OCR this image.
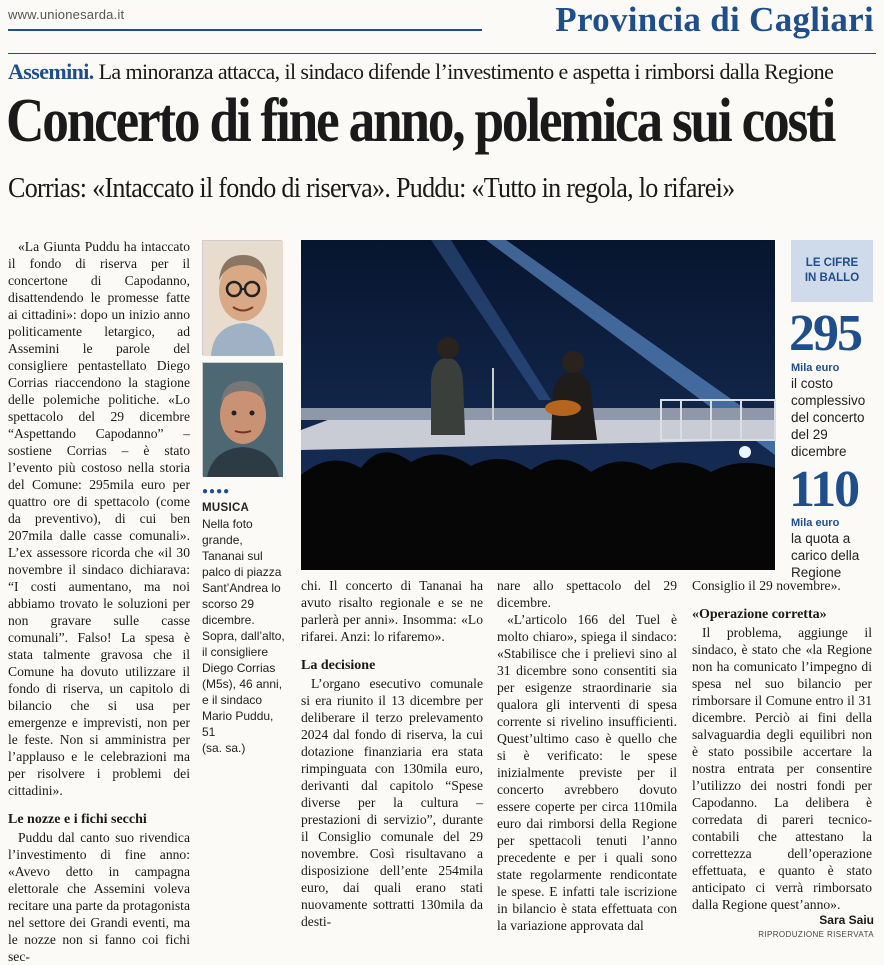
www.unionesarda.it	Provincia di Cagliari
Assemini. La minoranza attacca, il sindaco difende l’investimento e aspetta i rimborsi dalla Regione
Concerto di fine anno, polemica sui costi
Corrias: «Intaccato il fondo di riserva». Puddu: «Tutto in regola, lo rifarei»

«La Giunta Puddu ha intaccato il fondo di riserva per il concertone di Capodanno, disattendendo le promesse fatte ai cittadini»: dopo un inizio anno politicamente letargico, ad Assemini le parole del consigliere pentastellato Diego Corrias riaccendono la stagione delle polemiche politiche. «Lo spettacolo del 29 dicembre “Aspettando Capodanno” – sostiene Corrias – è stato l’evento più costoso nella storia del Comune: 295mila euro per quattro ore di spettacolo (come da preventivo), di cui ben 207mila dalle casse comunali». L’ex assessore ricorda che «il 30 novembre il sindaco dichiarava: “I costi aumentano, ma noi abbiamo trovato le soluzioni per non gravare sulle casse comunali”. Falso! La spesa è stata talmente gravosa che il Comune ha dovuto utilizzare il fondo di riserva, un capitolo di bilancio che si usa per emergenze e imprevisti, non per le feste. Non si amministra per l’applauso e le celebrazioni ma per risolvere i problemi dei cittadini».

Le nozze e i fichi secchi

Puddu dal canto suo rivendica l’investimento di fine anno: «Avevo detto in campagna elettorale che Assemini voleva recitare una parte da protagonista nel settore dei Grandi eventi, ma le nozze non si fanno coi fichi sec-

●●●●
MUSICA
Nella foto grande, Tananai sul palco di piazza Sant’Andrea lo scorso 29 dicembre. Sopra, dall’alto, il consigliere Diego Corrias (M5s), 46 anni, e il sindaco Mario Puddu, 51
(sa. sa.)

chi. Il concerto di Tananai ha avuto risalto regionale e se ne parlerà per anni». Insomma: «Lo rifarei. Anzi: lo rifaremo».

La decisione

L’organo esecutivo comunale si era riunito il 13 dicembre per deliberare il terzo prelevamento 2024 dal fondo di riserva, la cui dotazione finanziaria era stata rimpinguata con 130mila euro, derivanti dal capitolo “Spese diverse per la cultura – prestazioni di servizio”, durante il Consiglio comunale del 29 novembre. Così risultavano a disposizione dell’ente 254mila euro, dai quali erano stati nuovamente sottratti 130mila da desti-

nare allo spettacolo del 29 dicembre.

«L’articolo 166 del Tuel è molto chiaro», spiega il sindaco: «Stabilisce che i prelievi sino al 31 dicembre sono consentiti sia per esigenze straordinarie sia qualora gli interventi di spesa corrente si rivelino insufficienti. Quest’ultimo caso è quello che si è verificato: le spese inizialmente previste per il concerto avrebbero dovuto essere coperte per circa 110mila euro dai rimborsi della Regione per spettacoli tenuti l’anno precedente e per i quali sono state regolarmente rendicontate le spese. E infatti tale iscrizione in bilancio è stata effettuata con la variazione approvata dal

Consiglio il 29 novembre».

«Operazione corretta»

Il problema, aggiunge il sindaco, è stato che «la Regione non ha comunicato l’impegno di spesa nel suo bilancio per rimborsare il Comune entro il 31 dicembre. Perciò ai fini della salvaguardia degli equilibri non è stato possibile accertare la nostra entrata per consentire l’utilizzo dei nostri fondi per Capodanno. La delibera è corredata di pareri tecnico-contabili che attestano la correttezza dell’operazione effettuata, e quanto è stato anticipato ci verrà rimborsato dalla Regione quest’anno».

LE CIFRE
IN BALLO
295
Mila euro
il costo complessivo del concerto del 29 dicembre
110
Mila euro
la quota a carico della Regione
Sara Saiu
RIPRODUZIONE RISERVATA
